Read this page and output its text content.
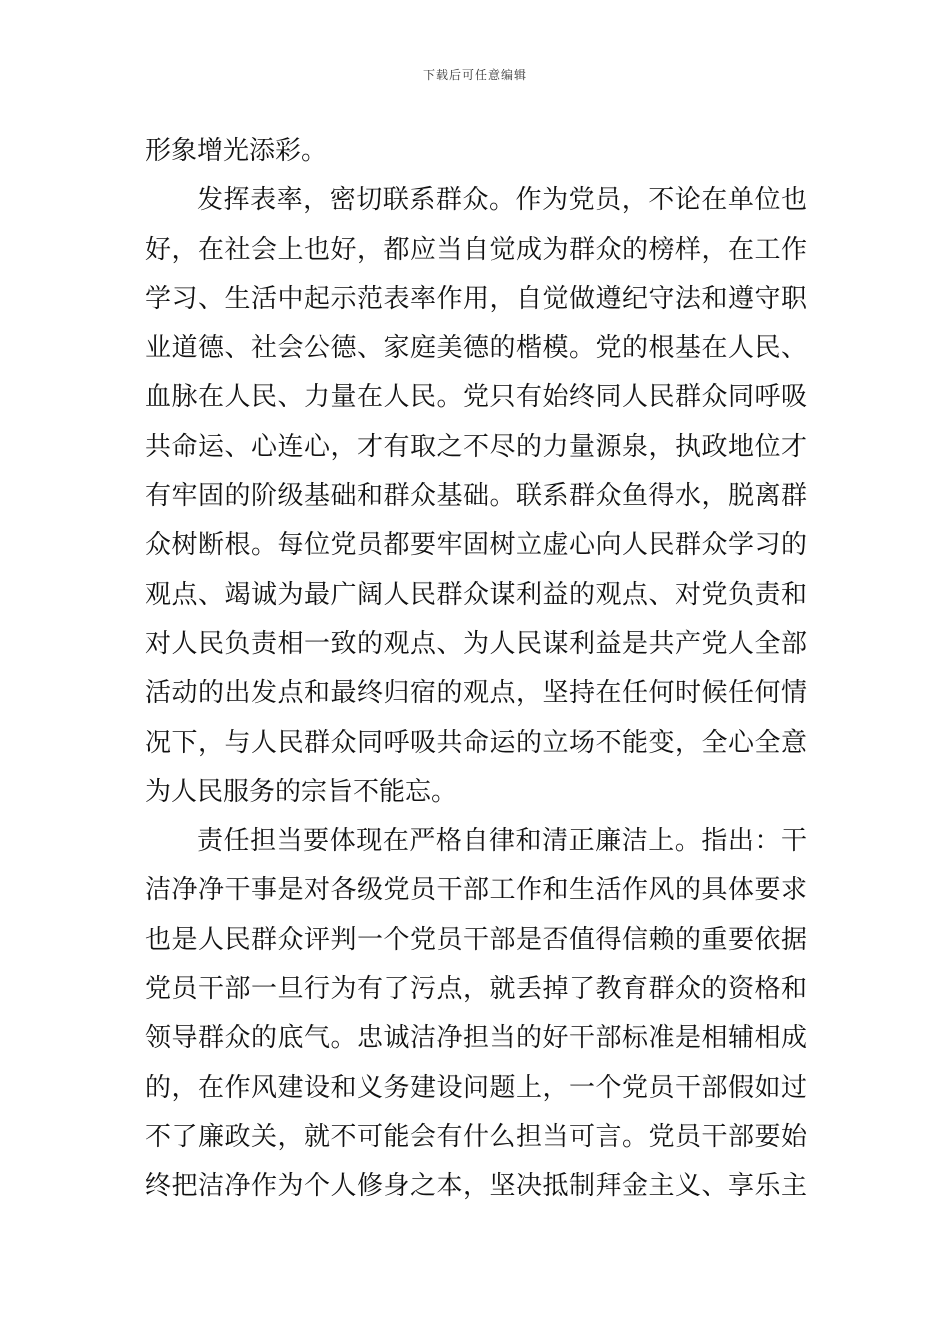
下载后可任意编辑
形象增光添彩。
发挥表率，密切联系群众。作为党员，不论在单位也
好，在社会上也好，都应当自觉成为群众的榜样，在工作
学习、生活中起示范表率作用，自觉做遵纪守法和遵守职
业道德、社会公德、家庭美德的楷模。党的根基在人民、
血脉在人民、力量在人民。党只有始终同人民群众同呼吸
共命运、心连心，才有取之不尽的力量源泉，执政地位才
有牢固的阶级基础和群众基础。联系群众鱼得水，脱离群
众树断根。每位党员都要牢固树立虚心向人民群众学习的
观点、竭诚为最广阔人民群众谋利益的观点、对党负责和
对人民负责相一致的观点、为人民谋利益是共产党人全部
活动的出发点和最终归宿的观点，坚持在任何时候任何情
况下，与人民群众同呼吸共命运的立场不能变，全心全意
为人民服务的宗旨不能忘。
责任担当要体现在严格自律和清正廉洁上。指出：干
洁净净干事是对各级党员干部工作和生活作风的具体要求
也是人民群众评判一个党员干部是否值得信赖的重要依据
党员干部一旦行为有了污点，就丢掉了教育群众的资格和
领导群众的底气。忠诚洁净担当的好干部标准是相辅相成
的，在作风建设和义务建设问题上，一个党员干部假如过
不了廉政关，就不可能会有什么担当可言。党员干部要始
终把洁净作为个人修身之本，坚决抵制拜金主义、享乐主
